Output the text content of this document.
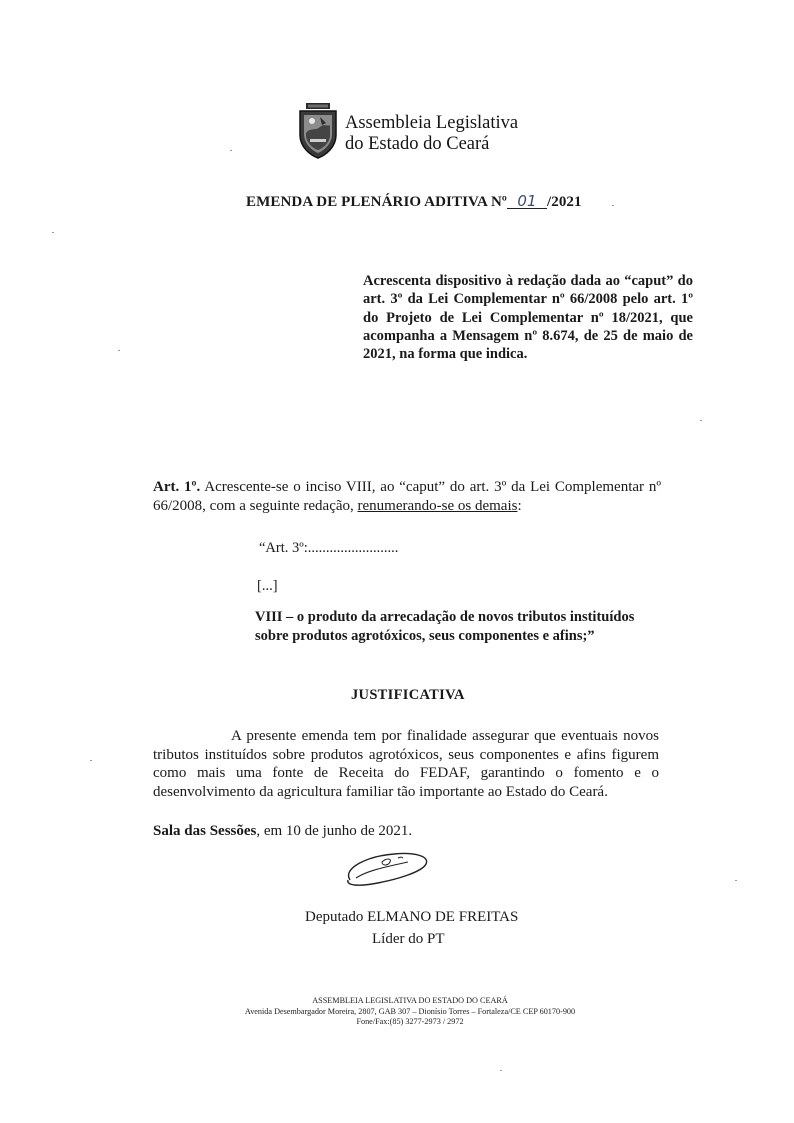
Assembleia Legislativa
do Estado do Ceará
EMENDA DE PLENÁRIO ADITIVA Nº 01 /2021
Acrescenta dispositivo à redação dada ao “caput” do art. 3º da Lei Complementar nº 66/2008 pelo art. 1º do Projeto de Lei Complementar nº 18/2021, que acompanha a Mensagem nº 8.674, de 25 de maio de 2021, na forma que indica.
Art. 1º. Acrescente-se o inciso VIII, ao “caput” do art. 3º da Lei Complementar nº 66/2008, com a seguinte redação, renumerando-se os demais:
“Art. 3º:.........................
[...]
VIII – o produto da arrecadação de novos tributos instituídos sobre produtos agrotóxicos, seus componentes e afins;”
JUSTIFICATIVA
A presente emenda tem por finalidade assegurar que eventuais novos tributos instituídos sobre produtos agrotóxicos, seus componentes e afins figurem como mais uma fonte de Receita do FEDAF, garantindo o fomento e o desenvolvimento da agricultura familiar tão importante ao Estado do Ceará.
Sala das Sessões, em 10 de junho de 2021.
Deputado ELMANO DE FREITAS
Líder do PT
ASSEMBLEIA LEGISLATIVA DO ESTADO DO CEARÁ
Avenida Desembargador Moreira, 2807, GAB 307 – Dionísio Torres – Fortaleza/CE CEP 60170-900
Fone/Fax:(85) 3277-2973 / 2972
